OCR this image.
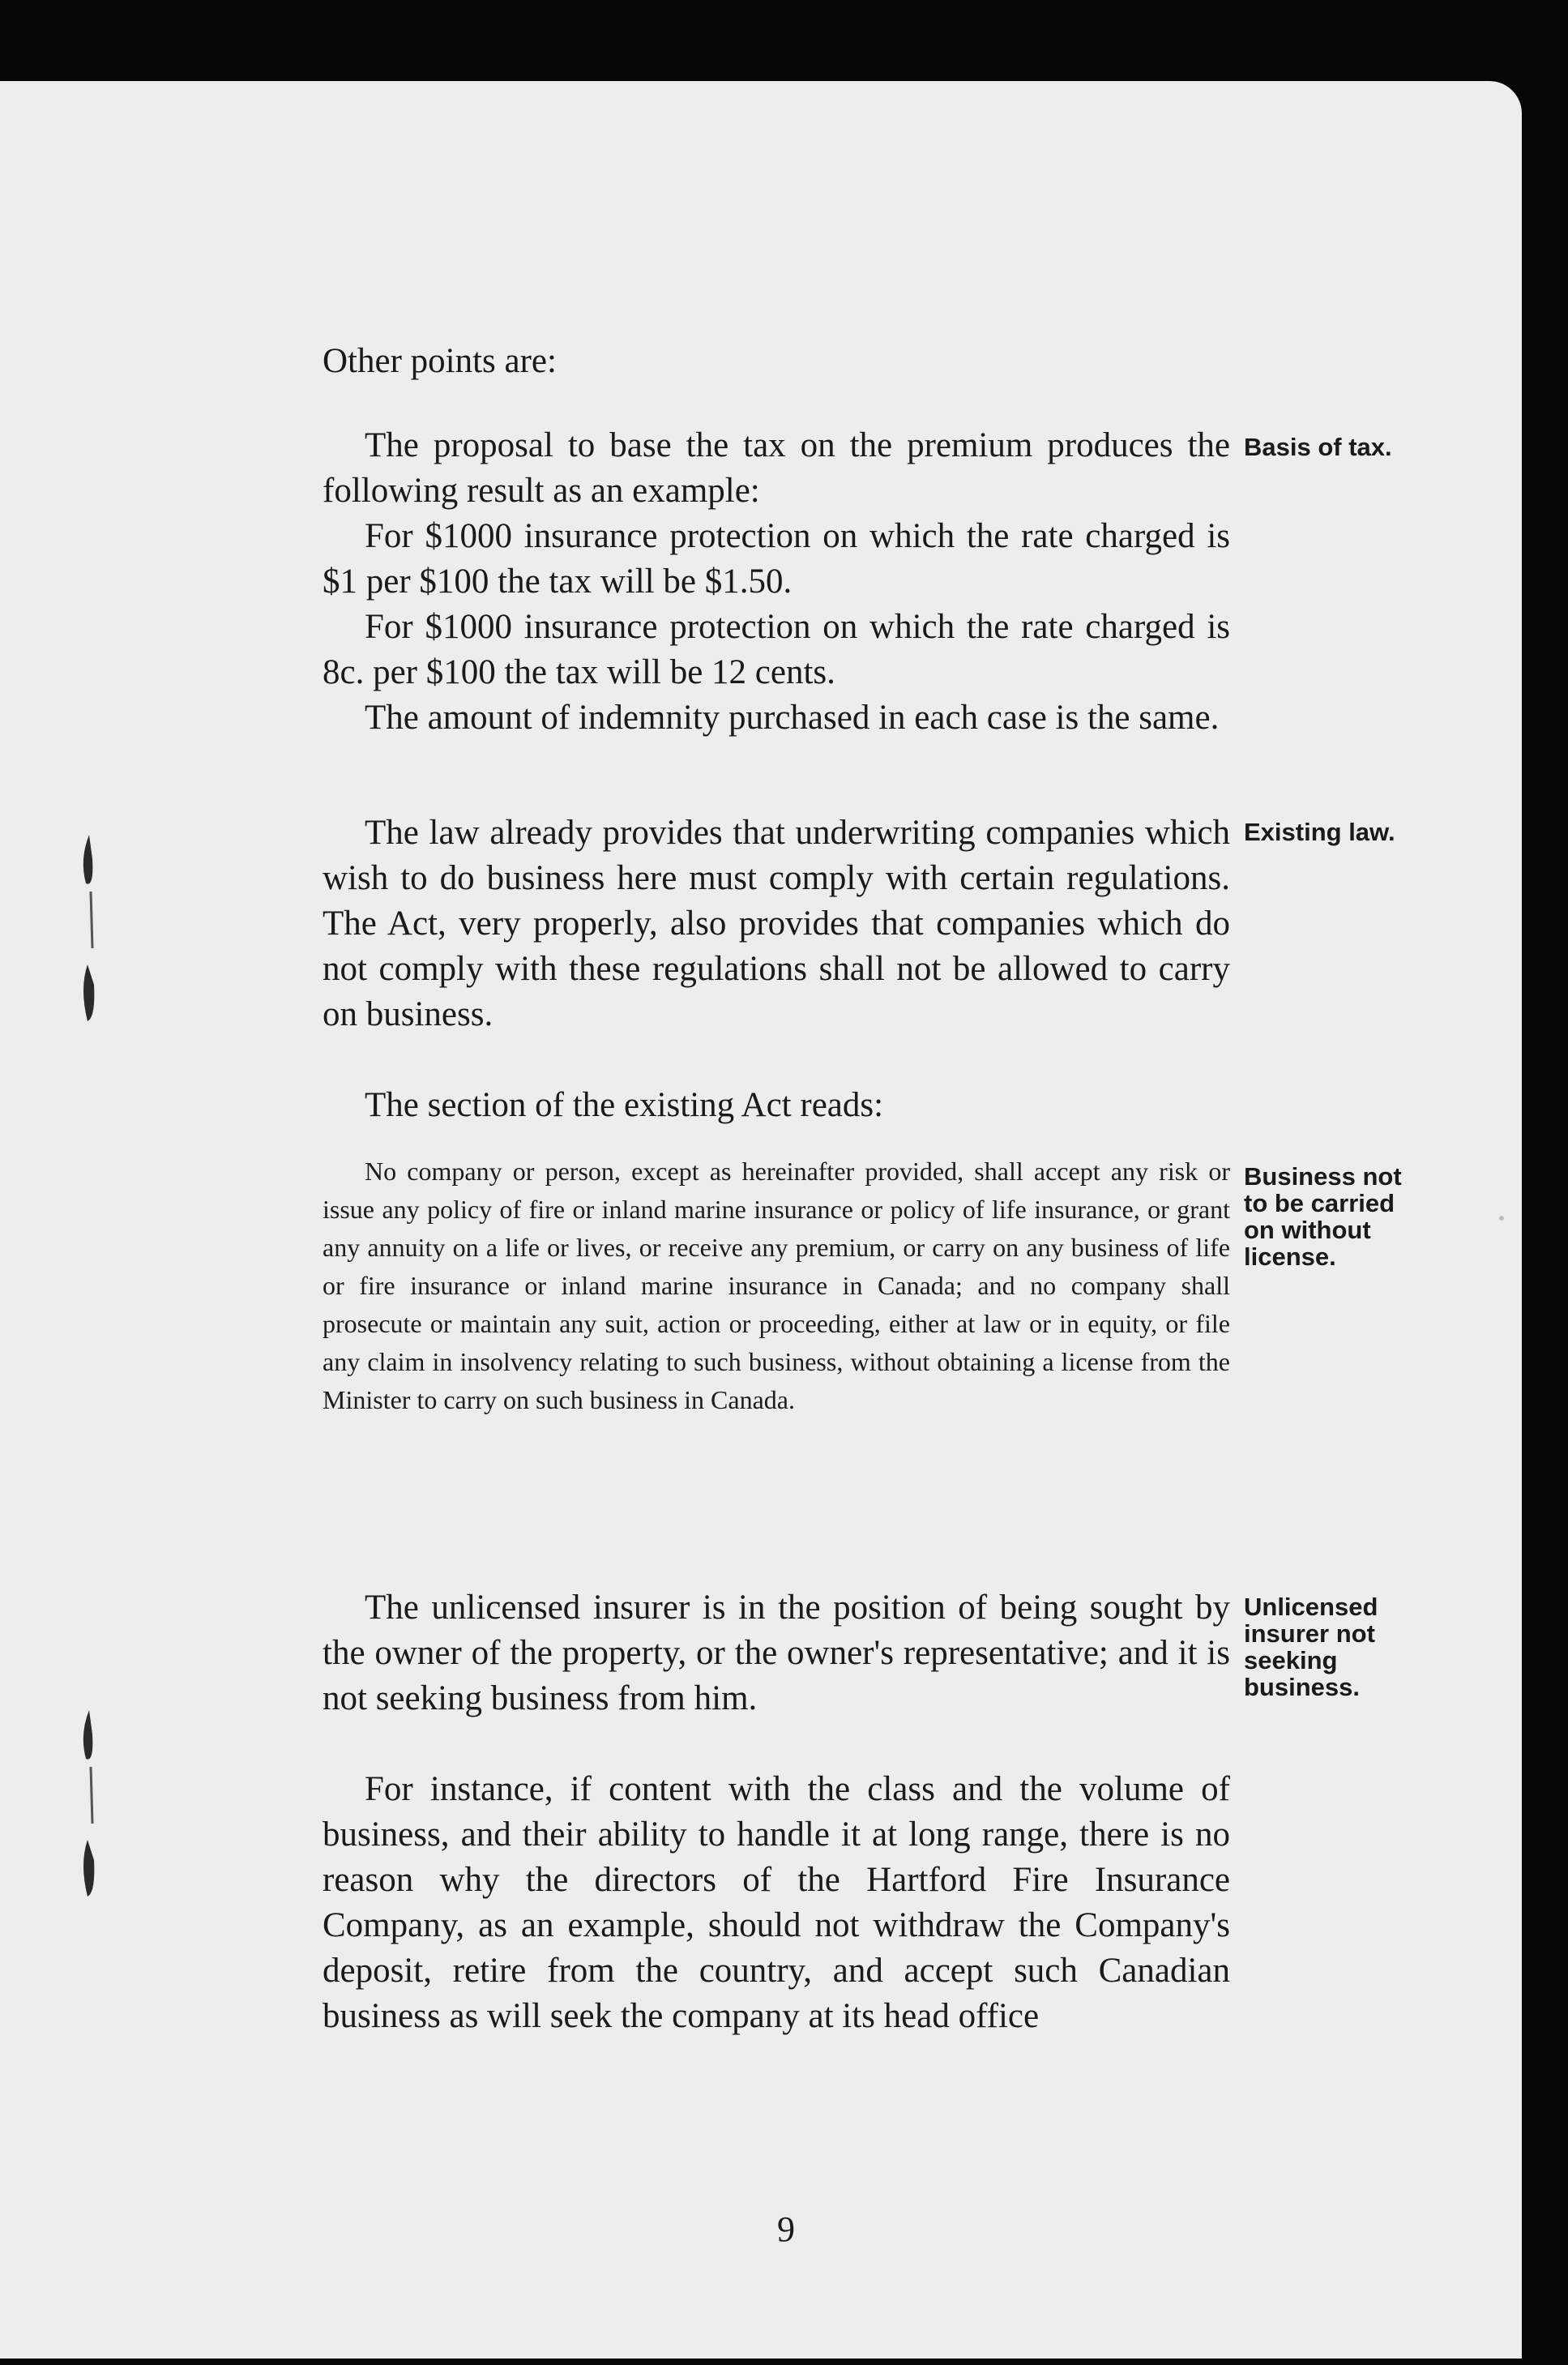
Other points are:

The proposal to base the tax on the premium produces the following result as an example:

For $1000 insurance protection on which the rate charged is $1 per $100 the tax will be $1.50.

For $1000 insurance protection on which the rate charged is 8c. per $100 the tax will be 12 cents.

The amount of indemnity purchased in each case is the same.

Basis of tax.

The law already provides that underwriting companies which wish to do business here must comply with certain regulations. The Act, very properly, also provides that companies which do not comply with these regulations shall not be allowed to carry on business.

The section of the existing Act reads:

Existing law.

No company or person, except as hereinafter provided, shall accept any risk or issue any policy of fire or inland marine insurance or policy of life insurance, or grant any annuity on a life or lives, or receive any premium, or carry on any business of life or fire insurance or inland marine insurance in Canada; and no company shall prosecute or maintain any suit, action or proceeding, either at law or in equity, or file any claim in insolvency relating to such business, without obtaining a license from the Minister to carry on such business in Canada.

Business not to be carried on without license.

The unlicensed insurer is in the position of being sought by the owner of the property, or the owner's representative; and it is not seeking business from him.

For instance, if content with the class and the volume of business, and their ability to handle it at long range, there is no reason why the directors of the Hartford Fire Insurance Company, as an example, should not withdraw the Company's deposit, retire from the country, and accept such Canadian business as will seek the company at its head office

Unlicensed insurer not seeking business.

9
